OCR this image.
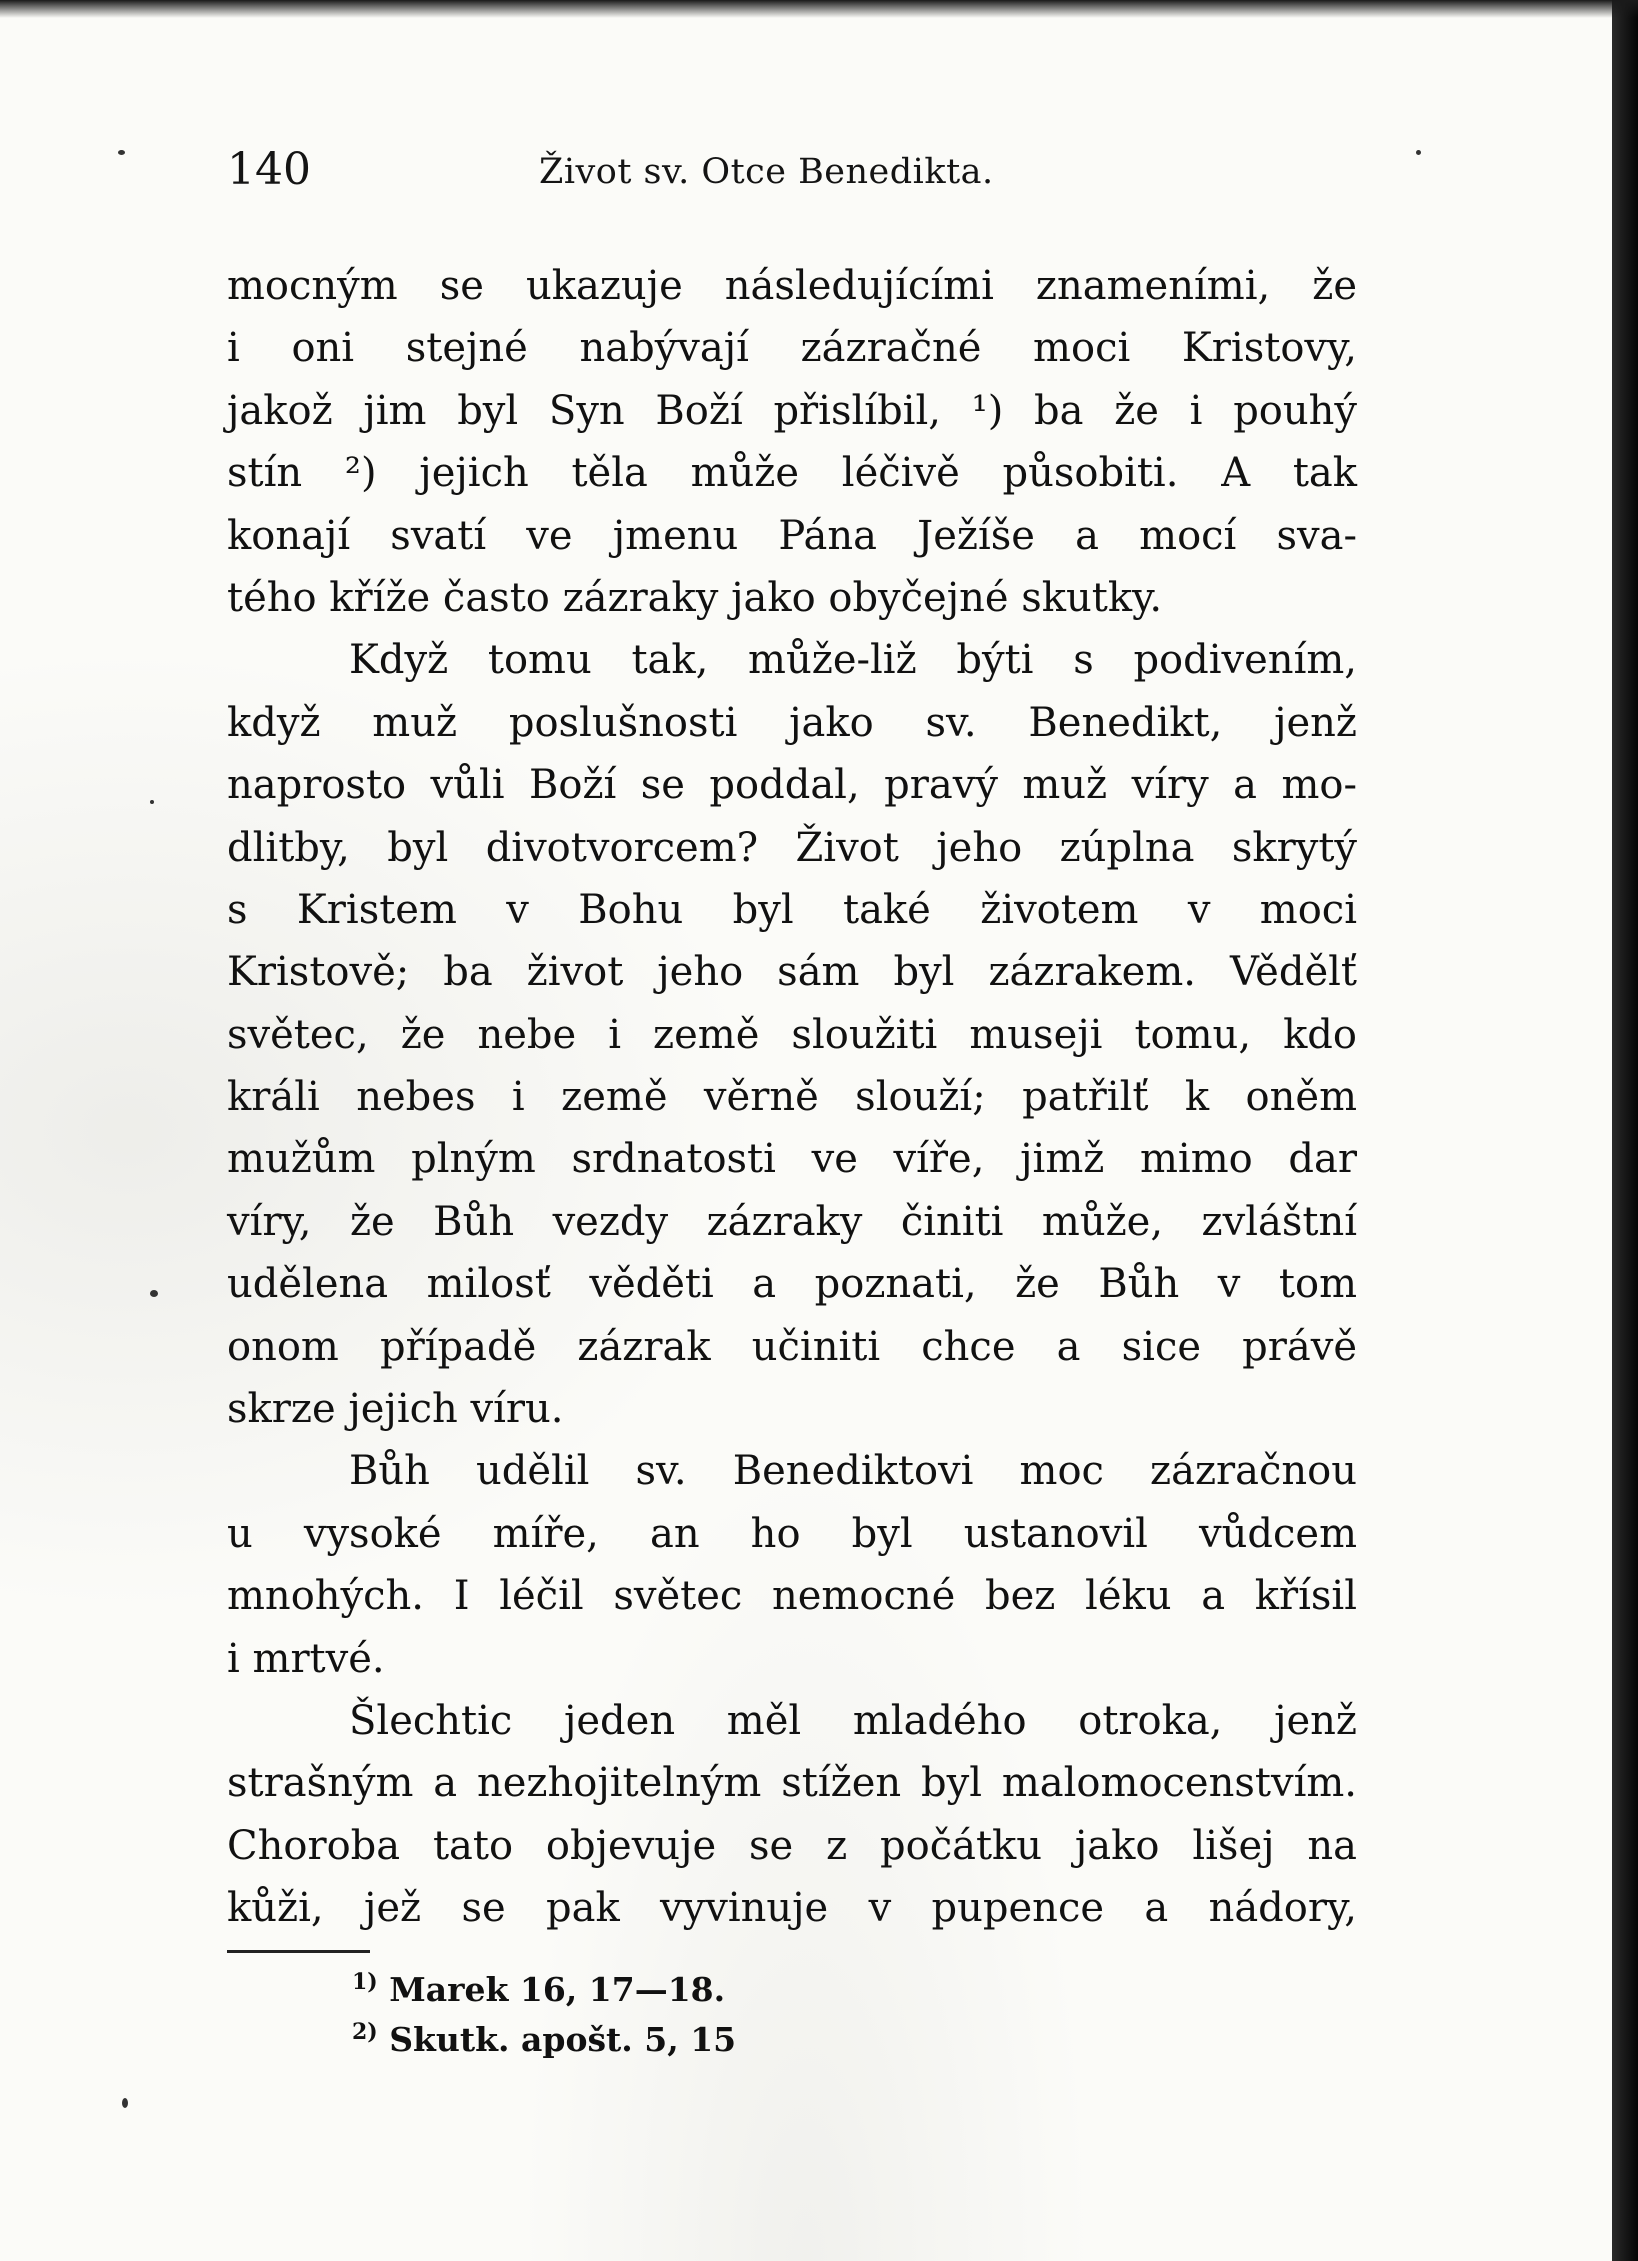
140	Život sv. Otce Benedikta.
mocným se ukazuje následujícími znameními, že
i oni stejné nabývají zázračné moci Kristovy,
jakož jim byl Syn Boží přislíbil, ¹) ba že i pouhý
stín ²) jejich těla může léčivě působiti. A tak
konají svatí ve jmenu Pána Ježíše a mocí sva-
tého kříže často zázraky jako obyčejné skutky.
Když tomu tak, může-liž býti s podivením,
když muž poslušnosti jako sv. Benedikt, jenž
naprosto vůli Boží se poddal, pravý muž víry a mo-
dlitby, byl divotvorcem? Život jeho zúplna skrytý
s Kristem v Bohu byl také životem v moci
Kristově; ba život jeho sám byl zázrakem. Vědělť
světec, že nebe i země sloužiti museji tomu, kdo
králi nebes i země věrně slouží; patřilť k oněm
mužům plným srdnatosti ve víře, jimž mimo dar
víry, že Bůh vezdy zázraky činiti může, zvláštní
udělena milosť věděti a poznati, že Bůh v tom
onom případě zázrak učiniti chce a sice právě
skrze jejich víru.
Bůh udělil sv. Benediktovi moc zázračnou
u vysoké míře, an ho byl ustanovil vůdcem
mnohých. I léčil světec nemocné bez léku a křísil
i mrtvé.
Šlechtic jeden měl mladého otroka, jenž
strašným a nezhojitelným stížen byl malomocenstvím.
Choroba tato objevuje se z počátku jako lišej na
kůži, jež se pak vyvinuje v pupence a nádory,
$^{1)}$ Marek 16, 17—18.
$^{2)}$ Skutk. apošt. 5, 15
